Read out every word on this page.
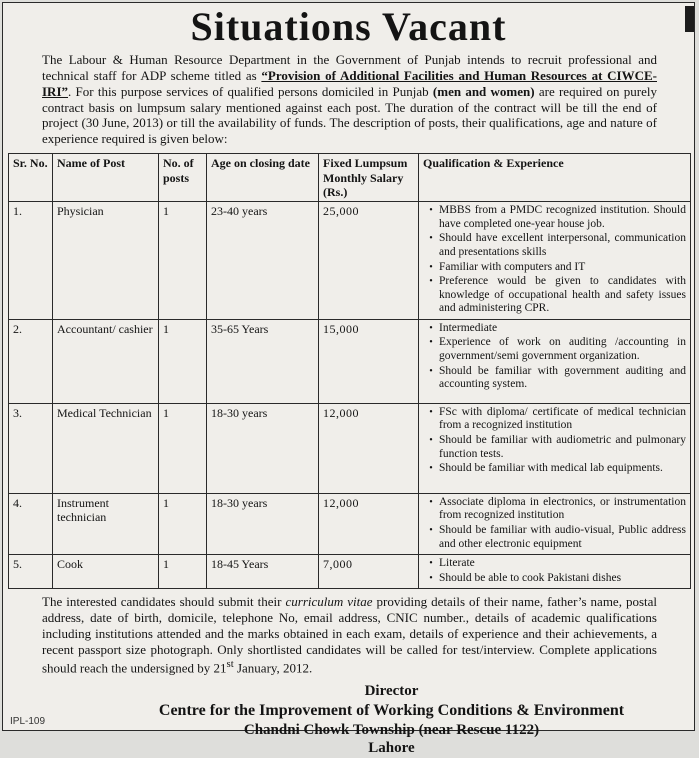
Situations Vacant

The Labour & Human Resource Department in the Government of Punjab intends to recruit professional and technical staff for ADP scheme titled as “Provision of Additional Facilities and Human Resources at CIWCE-IRI”. For this purpose services of qualified persons domiciled in Punjab (men and women) are required on purely contract basis on lumpsum salary mentioned against each post. The duration of the contract will be till the end of project (30 June, 2013) or till the availability of funds. The description of posts, their qualifications, age and nature of experience required is given below:

Sr. No.	Name of Post	No. of posts	Age on closing date	Fixed Lumpsum Monthly Salary (Rs.)	Qualification & Experience
1.	Physician	1	23-40 years	25,000	• MBBS from a PMDC recognized institution. Should have completed one-year house job.
• Should have excellent interpersonal, communication and presentations skills
• Familiar with computers and IT
• Preference would be given to candidates with knowledge of occupational health and safety issues and administering CPR.

2.	Accountant/ cashier	1	35-65 Years	15,000	• Intermediate
• Experience of work on auditing /accounting in government/semi government organization.
• Should be familiar with government auditing and accounting system.

3.	Medical Technician	1	18-30 years	12,000	• FSc with diploma/ certificate of medical technician from a recognized institution
• Should be familiar with audiometric and pulmonary function tests.
• Should be familiar with medical lab equipments.

4.	Instrument technician	1	18-30 years	12,000	• Associate diploma in electronics, or instrumentation from recognized institution
• Should be familiar with audio-visual, Public address and other electronic equipment

5.	Cook	1	18-45 Years	7,000	• Literate
• Should be able to cook Pakistani dishes

The interested candidates should submit their curriculum vitae providing details of their name, father’s name, postal address, date of birth, domicile, telephone No, email address, CNIC number., details of academic qualifications including institutions attended and the marks obtained in each exam, details of experience and their achievements, a recent passport size photograph. Only shortlisted candidates will be called for test/interview. Complete applications should reach the undersigned by 21st January, 2012.

Director
Centre for the Improvement of Working Conditions & Environment
Chandni Chowk Township (near Rescue 1122)
Lahore
IPL-109
